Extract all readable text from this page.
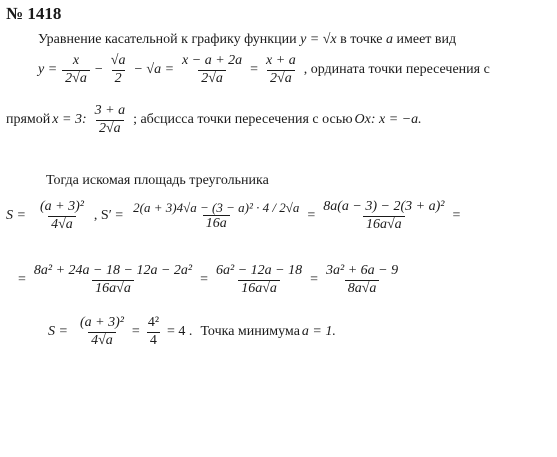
№ 1418
Уравнение касательной к графику функции y = √x в точке a имеет вид
$y = \frac{x}{2√a} - \frac{√a}{2} - √a = \frac{x - a + 2a}{2√a} = \frac{x + a}{2√a}$ , ордината точки пересечения с
прямой x = 3: $\frac{3 + a}{2√a}$ ; абсцисса точки пересечения с осью Ox: x = −a.
Тогда искомая площадь треугольника
$S = \frac{\text{(a + 3)²}}{4√a}$ , $S' = \frac{\text{2(a + 3)4√a − (3 − a)² · 4 / 2√a}}{16a} = \frac{\text{8a(a − 3) − 2(3 + a)²}}{16a√a}$ =
= $\frac{\text{8a² + 24a − 18 − 12a − 2a²}}{16a√a} = \frac{\text{6a² − 12a − 18}}{16a√a} = \frac{\text{3a² + 6a − 9}}{8a√a}$
$S = \frac{\text{(a + 3)²}}{4√a} = \frac{\text{4²}}{4} = 4$ . Точка минимума a = 1.
